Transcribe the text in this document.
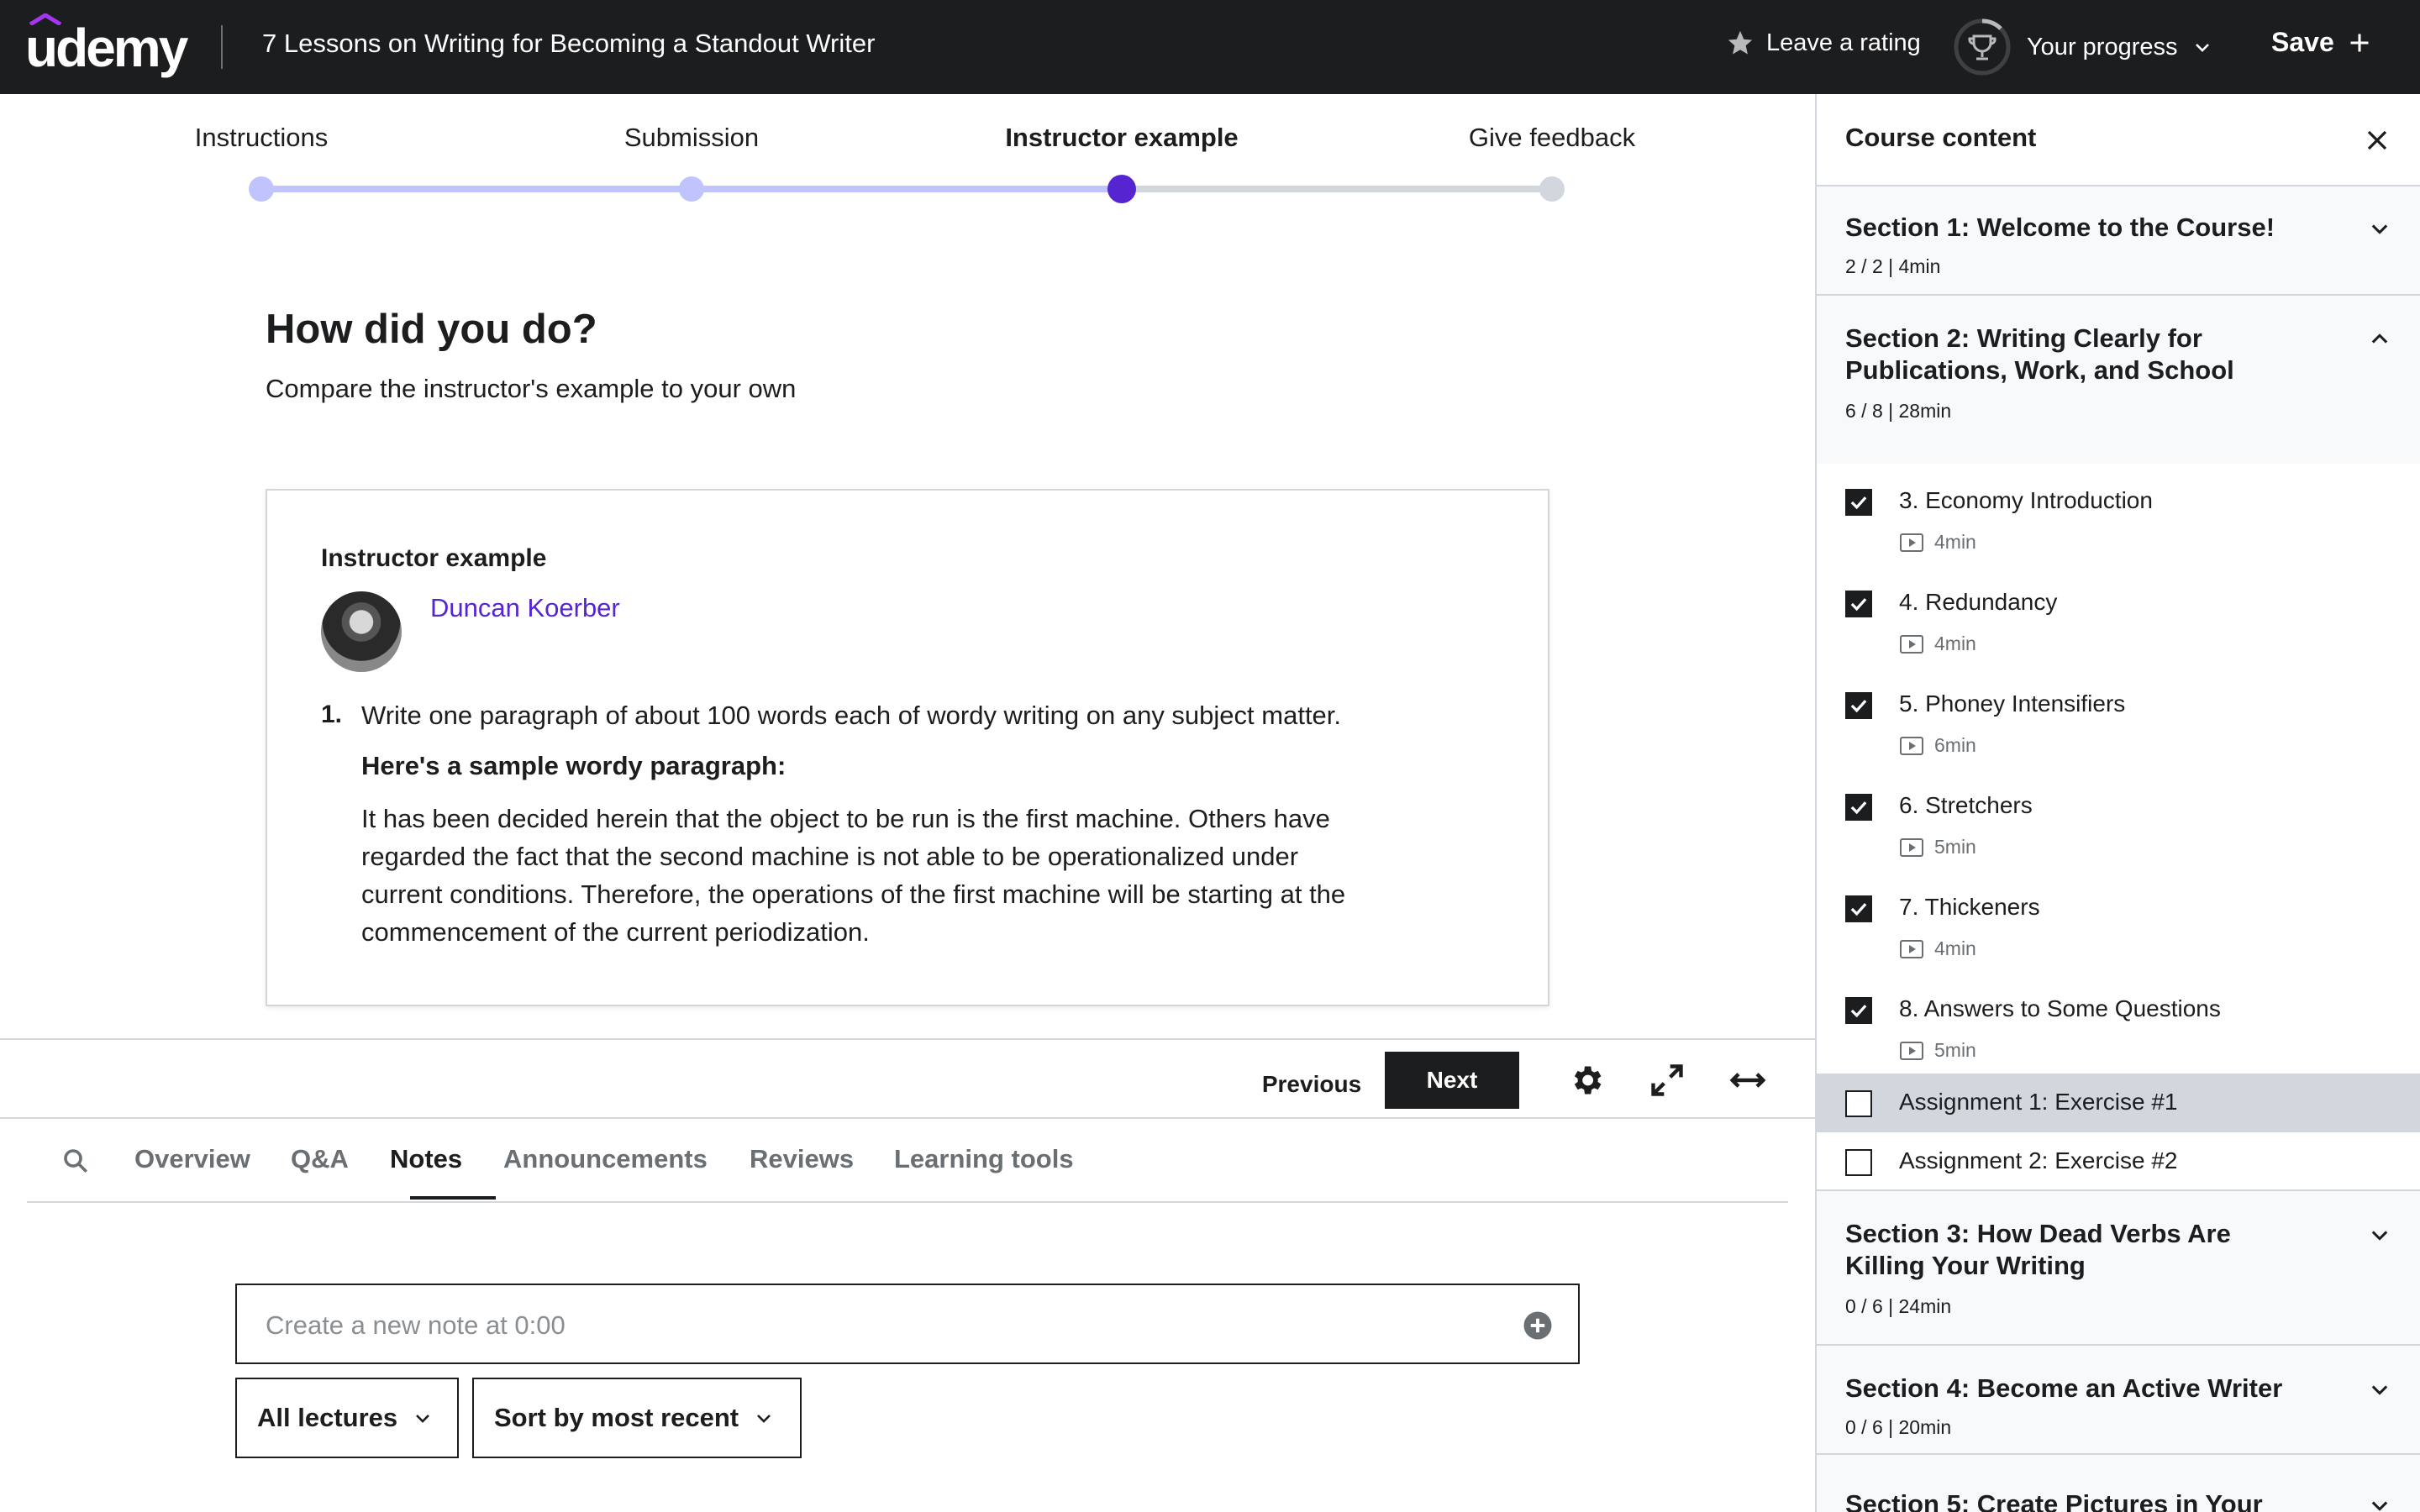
udemy	7 Lessons on Writing for Becoming a Standout Writer	Leave a rating	Your progress	Save
Instructions	Submission	Instructor example	Give feedback
How did you do?
Compare the instructor's example to your own
Instructor example
Duncan Koerber
1. Write one paragraph of about 100 words each of wordy writing on any subject matter.
Here's a sample wordy paragraph:
It has been decided herein that the object to be run is the first machine. Others have regarded the fact that the second machine is not able to be operationalized under current conditions. Therefore, the operations of the first machine will be starting at the commencement of the current periodization.
Previous	Next
Overview Q&A Notes Announcements Reviews Learning tools
Create a new note at 0:00
All lectures	Sort by most recent
Course content
Section 1: Welcome to the Course!
2 / 2 | 4min
Section 2: Writing Clearly for Publications, Work, and School
6 / 8 | 28min
3. Economy Introduction
4min
4. Redundancy
4min
5. Phoney Intensifiers
6min
6. Stretchers
5min
7. Thickeners
4min
8. Answers to Some Questions
5min
Assignment 1: Exercise #1
Assignment 2: Exercise #2
Section 3: How Dead Verbs Are Killing Your Writing
0 / 6 | 24min
Section 4: Become an Active Writer
0 / 6 | 20min
Section 5: Create Pictures in Your
